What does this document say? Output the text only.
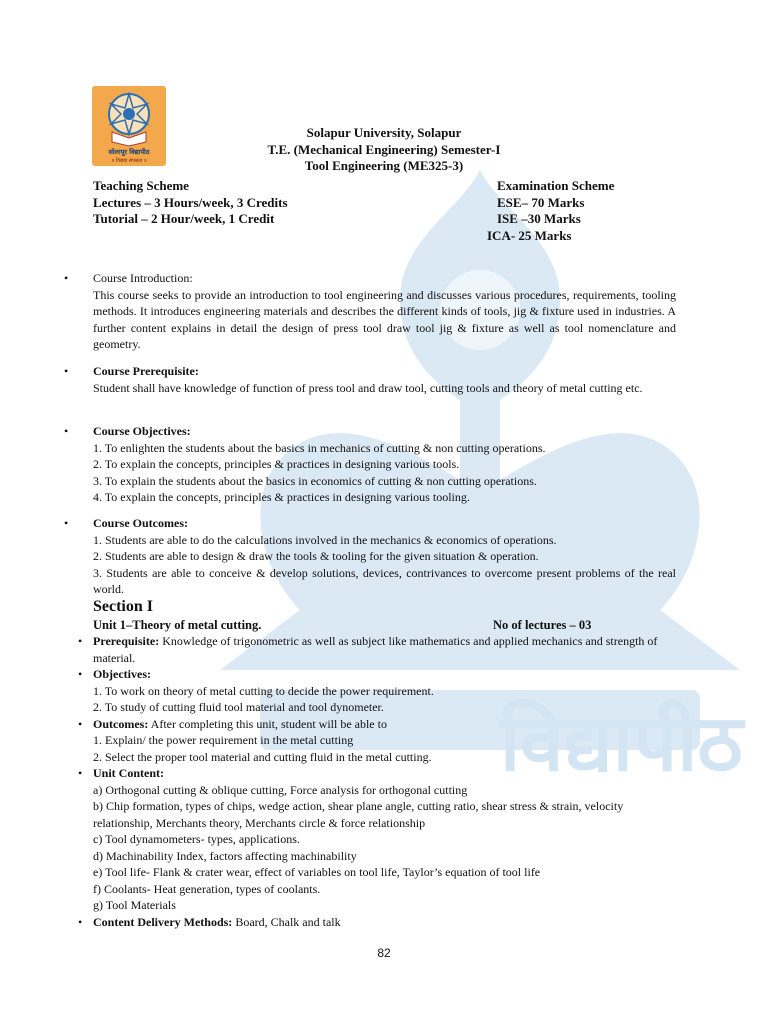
विद्यापीठ
सोलापूर विद्यापीठ
॥ विद्यया संपन्नता ॥
Solapur University, Solapur
T.E. (Mechanical Engineering) Semester-I
Tool Engineering (ME325-3)
Teaching Scheme
Lectures – 3 Hours/week, 3 Credits
Tutorial – 2 Hour/week, 1 Credit
Examination Scheme
ESE– 70 Marks
ISE –30 Marks
ICA- 25 Marks
• Course Introduction:
This course seeks to provide an introduction to tool engineering and discusses various procedures, requirements, tooling methods. It introduces engineering materials and describes the different kinds of tools, jig & fixture used in industries. A further content explains in detail the design of press tool draw tool jig & fixture as well as tool nomenclature and geometry.
• Course Prerequisite:
Student shall have knowledge of function of press tool and draw tool, cutting tools and theory of metal cutting etc.
• Course Objectives:
1. To enlighten the students about the basics in mechanics of cutting & non cutting operations.
2. To explain the concepts, principles & practices in designing various tools.
3. To explain the students about the basics in economics of cutting & non cutting operations.
4. To explain the concepts, principles & practices in designing various tooling.
• Course Outcomes:
1. Students are able to do the calculations involved in the mechanics & economics of operations.
2. Students are able to design & draw the tools & tooling for the given situation & operation.
3. Students are able to conceive & develop solutions, devices, contrivances to overcome present problems of the real world.
Section I
Unit 1–Theory of metal cutting.	No of lectures – 03
• Prerequisite: Knowledge of trigonometric as well as subject like mathematics and applied mechanics and strength of material.
• Objectives:
1. To work on theory of metal cutting to decide the power requirement.
2. To study of cutting fluid tool material and tool dynometer.
• Outcomes: After completing this unit, student will be able to
1. Explain/ the power requirement in the metal cutting
2. Select the proper tool material and cutting fluid in the metal cutting.
• Unit Content:
a) Orthogonal cutting & oblique cutting, Force analysis for orthogonal cutting
b) Chip formation, types of chips, wedge action, shear plane angle, cutting ratio, shear stress & strain, velocity relationship, Merchants theory, Merchants circle & force relationship
c) Tool dynamometers- types, applications.
d) Machinability Index, factors affecting machinability
e) Tool life- Flank & crater wear, effect of variables on tool life, Taylor’s equation of tool life
f) Coolants- Heat generation, types of coolants.
g) Tool Materials
• Content Delivery Methods: Board, Chalk and talk
82
